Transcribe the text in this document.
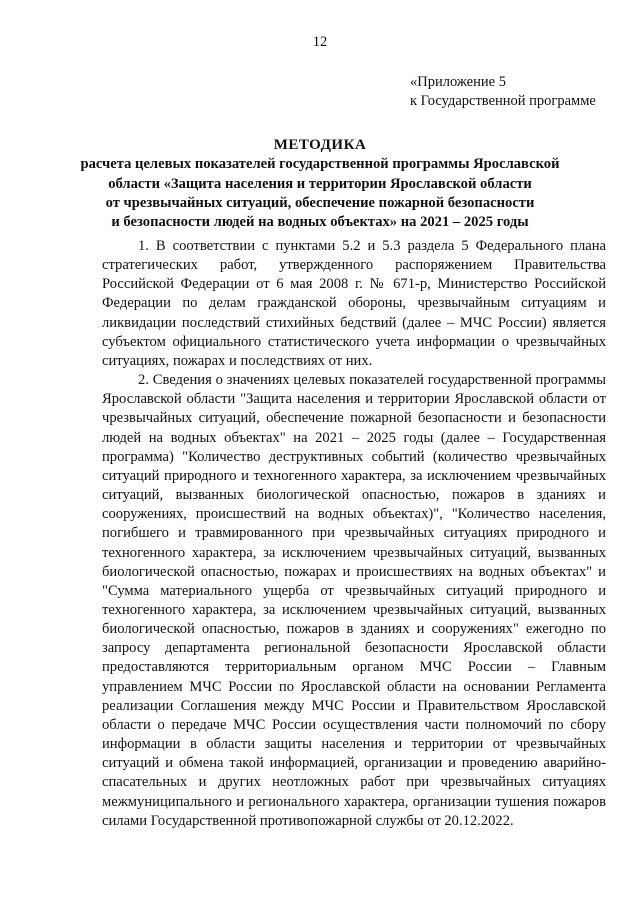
12
«Приложение 5
к Государственной программе
МЕТОДИКА
расчета целевых показателей государственной программы Ярославской
области «Защита населения и территории Ярославской области
от чрезвычайных ситуаций, обеспечение пожарной безопасности
и безопасности людей на водных объектах» на 2021 – 2025 годы

1. В соответствии с пунктами 5.2 и 5.3 раздела 5 Федерального плана стратегических работ, утвержденного распоряжением Правительства Российской Федерации от 6 мая 2008 г. № 671-р, Министерство Российской Федерации по делам гражданской обороны, чрезвычайным ситуациям и ликвидации последствий стихийных бедствий (далее – МЧС России) является субъектом официального статистического учета информации о чрезвычайных ситуациях, пожарах и последствиях от них.

2. Сведения о значениях целевых показателей государственной программы Ярославской области "Защита населения и территории Ярославской области от чрезвычайных ситуаций, обеспечение пожарной безопасности и безопасности людей на водных объектах" на 2021 – 2025 годы (далее – Государственная программа) "Количество деструктивных событий (количество чрезвычайных ситуаций природного и техногенного характера, за исключением чрезвычайных ситуаций, вызванных биологической опасностью, пожаров в зданиях и сооружениях, происшествий на водных объектах)", "Количество населения, погибшего и травмированного при чрезвычайных ситуациях природного и техногенного характера, за исключением чрезвычайных ситуаций, вызванных биологической опасностью, пожарах и происшествиях на водных объектах" и "Сумма материального ущерба от чрезвычайных ситуаций природного и техногенного характера, за исключением чрезвычайных ситуаций, вызванных биологической опасностью, пожаров в зданиях и сооружениях" ежегодно по запросу департамента региональной безопасности Ярославской области предоставляются территориальным органом МЧС России – Главным управлением МЧС России по Ярославской области на основании Регламента реализации Соглашения между МЧС России и Правительством Ярославской области о передаче МЧС России осуществления части полномочий по сбору информации в области защиты населения и территории от чрезвычайных ситуаций и обмена такой информацией, организации и проведению аварийно-спасательных и других неотложных работ при чрезвычайных ситуациях межмуниципального и регионального характера, организации тушения пожаров силами Государственной противопожарной службы от 20.12.2022.
